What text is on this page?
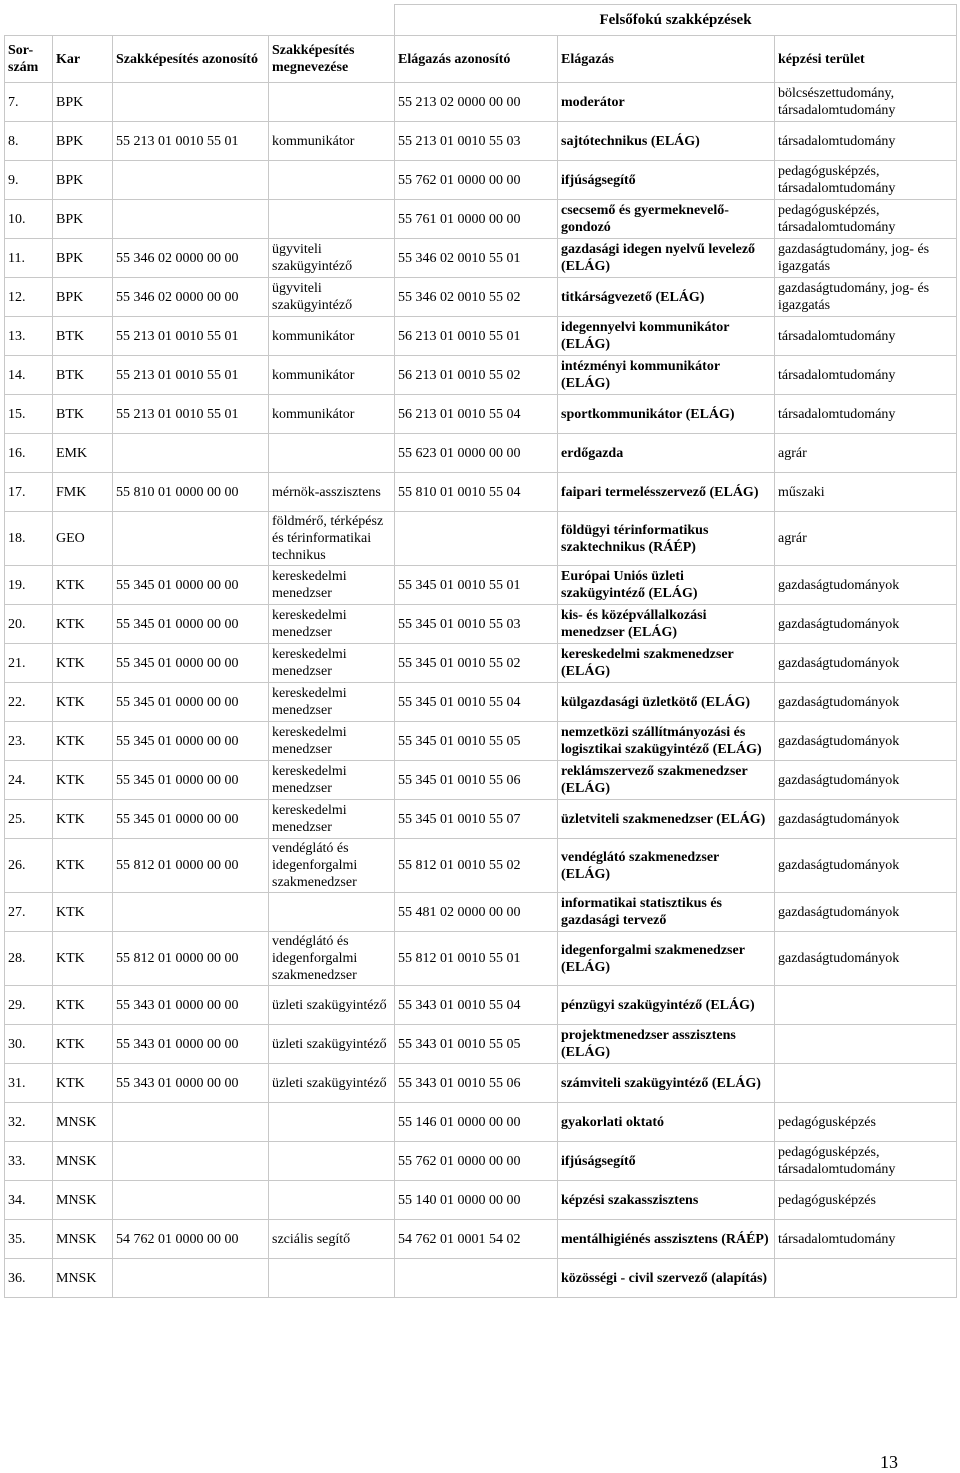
				Felsőfokú szakképzések		
Sor-szám	Kar	Szakképesítés azonosító	Szakképesítés megnevezése	Elágazás azonosító	Elágazás	képzési terület
7.	BPK			55 213 02 0000 00 00	moderátor	bölcsészettudomány, társadalomtudomány
8.	BPK	55 213 01 0010 55 01	kommunikátor	55 213 01 0010 55 03	sajtótechnikus (ELÁG)	társadalomtudomány
9.	BPK			55 762 01 0000 00 00	ifjúságsegítő	pedagógusképzés, társadalomtudomány
10.	BPK			55 761 01 0000 00 00	csecsemő és gyermeknevelő-gondozó	pedagógusképzés, társadalomtudomány
11.	BPK	55 346 02 0000 00 00	ügyviteli szakügyintéző	55 346 02 0010 55 01	gazdasági idegen nyelvű levelező (ELÁG)	gazdaságtudomány, jog- és igazgatás
12.	BPK	55 346 02 0000 00 00	ügyviteli szakügyintéző	55 346 02 0010 55 02	titkárságvezető (ELÁG)	gazdaságtudomány, jog- és igazgatás
13.	BTK	55 213 01 0010 55 01	kommunikátor	56 213 01 0010 55 01	idegennyelvi kommunikátor (ELÁG)	társadalomtudomány
14.	BTK	55 213 01 0010 55 01	kommunikátor	56 213 01 0010 55 02	intézményi kommunikátor (ELÁG)	társadalomtudomány
15.	BTK	55 213 01 0010 55 01	kommunikátor	56 213 01 0010 55 04	sportkommunikátor (ELÁG)	társadalomtudomány
16.	EMK			55 623 01 0000 00 00	erdőgazda	agrár
17.	FMK	55 810 01 0000 00 00	mérnök-asszisztens	55 810 01 0010 55 04	faipari termelésszervező (ELÁG)	műszaki
18.	GEO		földmérő, térképész és térinformatikai technikus		földügyi térinformatikus szaktechnikus (RÁÉP)	agrár
19.	KTK	55 345 01 0000 00 00	kereskedelmi menedzser	55 345 01 0010 55 01	Európai Uniós üzleti szakügyintéző (ELÁG)	gazdaságtudományok
20.	KTK	55 345 01 0000 00 00	kereskedelmi menedzser	55 345 01 0010 55 03	kis- és középvállalkozási menedzser (ELÁG)	gazdaságtudományok
21.	KTK	55 345 01 0000 00 00	kereskedelmi menedzser	55 345 01 0010 55 02	kereskedelmi szakmenedzser (ELÁG)	gazdaságtudományok
22.	KTK	55 345 01 0000 00 00	kereskedelmi menedzser	55 345 01 0010 55 04	külgazdasági üzletkötő (ELÁG)	gazdaságtudományok
23.	KTK	55 345 01 0000 00 00	kereskedelmi menedzser	55 345 01 0010 55 05	nemzetközi szállítmányozási és logisztikai szakügyintéző (ELÁG)	gazdaságtudományok
24.	KTK	55 345 01 0000 00 00	kereskedelmi menedzser	55 345 01 0010 55 06	reklámszervező szakmenedzser (ELÁG)	gazdaságtudományok
25.	KTK	55 345 01 0000 00 00	kereskedelmi menedzser	55 345 01 0010 55 07	üzletviteli szakmenedzser (ELÁG)	gazdaságtudományok
26.	KTK	55 812 01 0000 00 00	vendéglátó és idegenforgalmi szakmenedzser	55 812 01 0010 55 02	vendéglátó szakmenedzser (ELÁG)	gazdaságtudományok
27.	KTK			55 481 02 0000 00 00	informatikai statisztikus és gazdasági tervező	gazdaságtudományok
28.	KTK	55 812 01 0000 00 00	vendéglátó és idegenforgalmi szakmenedzser	55 812 01 0010 55 01	idegenforgalmi szakmenedzser (ELÁG)	gazdaságtudományok
29.	KTK	55 343 01 0000 00 00	üzleti szakügyintéző	55 343 01 0010 55 04	pénzügyi szakügyintéző (ELÁG)	
30.	KTK	55 343 01 0000 00 00	üzleti szakügyintéző	55 343 01 0010 55 05	projektmenedzser asszisztens (ELÁG)	
31.	KTK	55 343 01 0000 00 00	üzleti szakügyintéző	55 343 01 0010 55 06	számviteli szakügyintéző (ELÁG)	
32.	MNSK			55 146 01 0000 00 00	gyakorlati oktató	pedagógusképzés
33.	MNSK			55 762 01 0000 00 00	ifjúságsegítő	pedagógusképzés, társadalomtudomány
34.	MNSK			55 140 01 0000 00 00	képzési szakasszisztens	pedagógusképzés
35.	MNSK	54 762 01 0000 00 00	szciális segítő	54 762 01 0001 54 02	mentálhigiénés asszisztens (RÁÉP)	társadalomtudomány
36.	MNSK				közösségi - civil szervező (alapítás)	
13
